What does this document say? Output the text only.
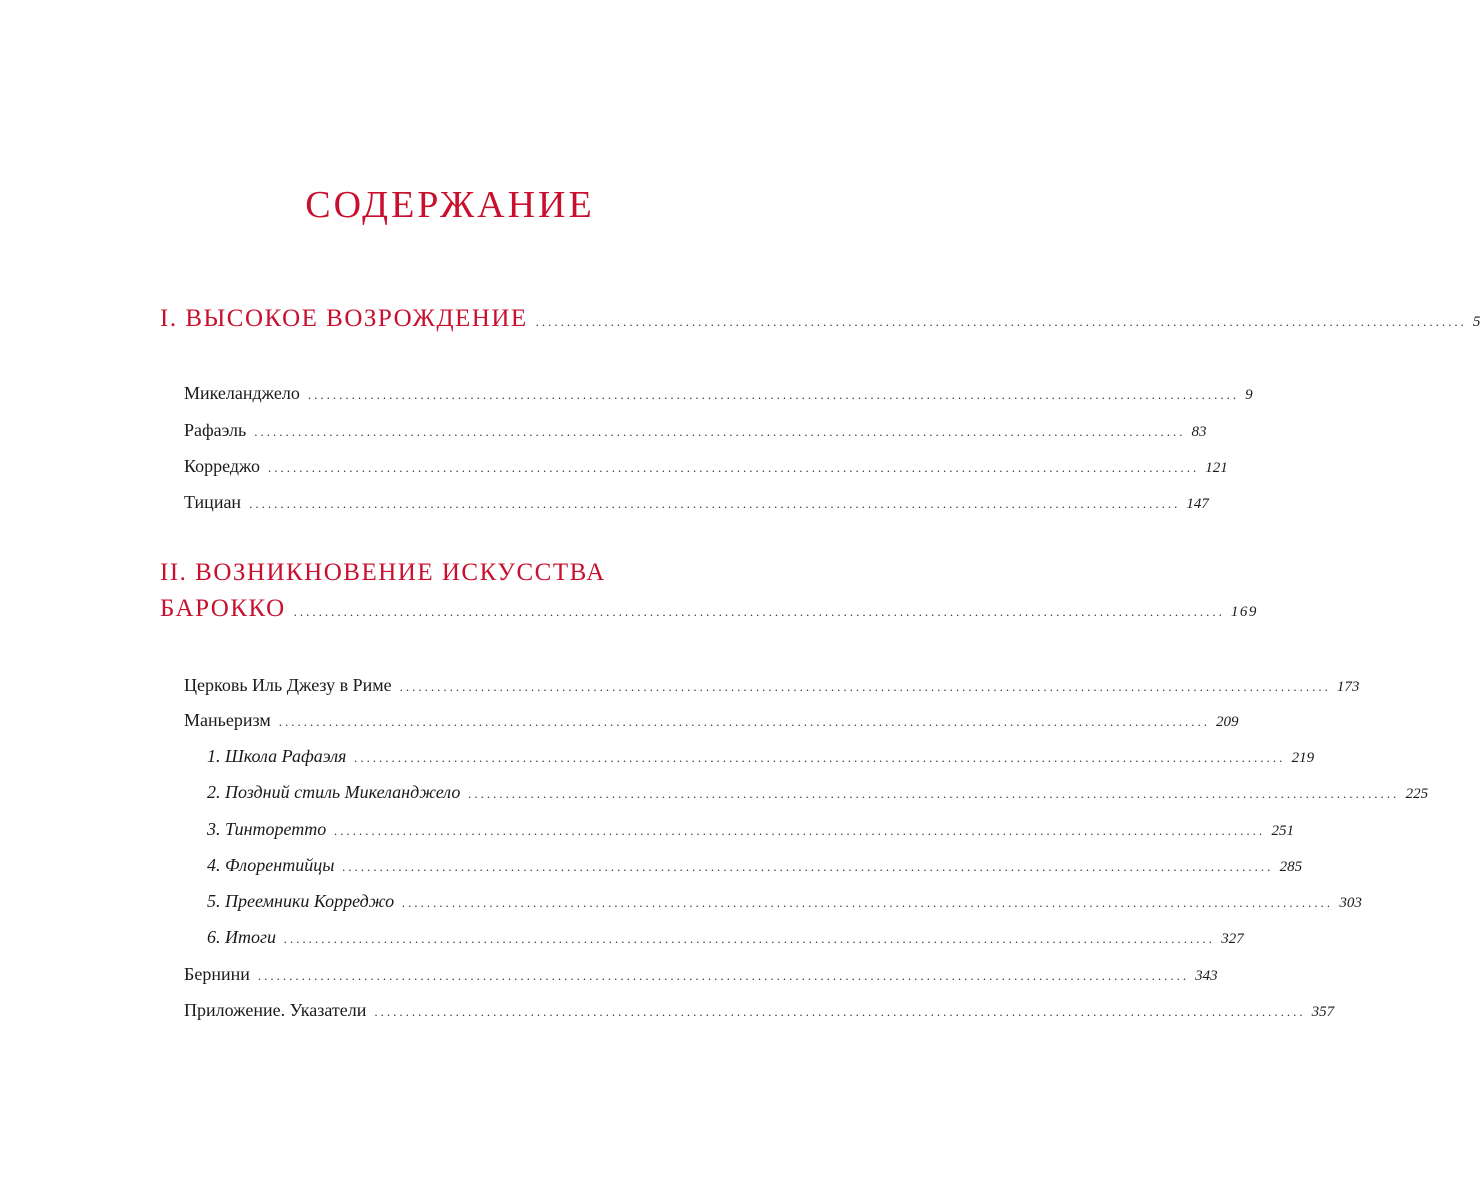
СОДЕРЖАНИЕ
I. ВЫСОКОЕ ВОЗРОЖДЕНИЕ ..................................................................................................................................................... 5
Микеланджело ..................................................................................................................................................... 9
Рафаэль ..................................................................................................................................................... 83
Корреджо ..................................................................................................................................................... 121
Тициан ..................................................................................................................................................... 147
II. ВОЗНИКНОВЕНИЕ ИСКУССТВА
БАРОККО ..................................................................................................................................................... 169
Церковь Иль Джезу в Риме ..................................................................................................................................................... 173
Маньеризм ..................................................................................................................................................... 209
1. Школа Рафаэля ..................................................................................................................................................... 219
2. Поздний стиль Микеланджело ..................................................................................................................................................... 225
3. Тинторетто ..................................................................................................................................................... 251
4. Флорентийцы ..................................................................................................................................................... 285
5. Преемники Корреджо ..................................................................................................................................................... 303
6. Итоги ..................................................................................................................................................... 327
Бернини ..................................................................................................................................................... 343
Приложение. Указатели ..................................................................................................................................................... 357
